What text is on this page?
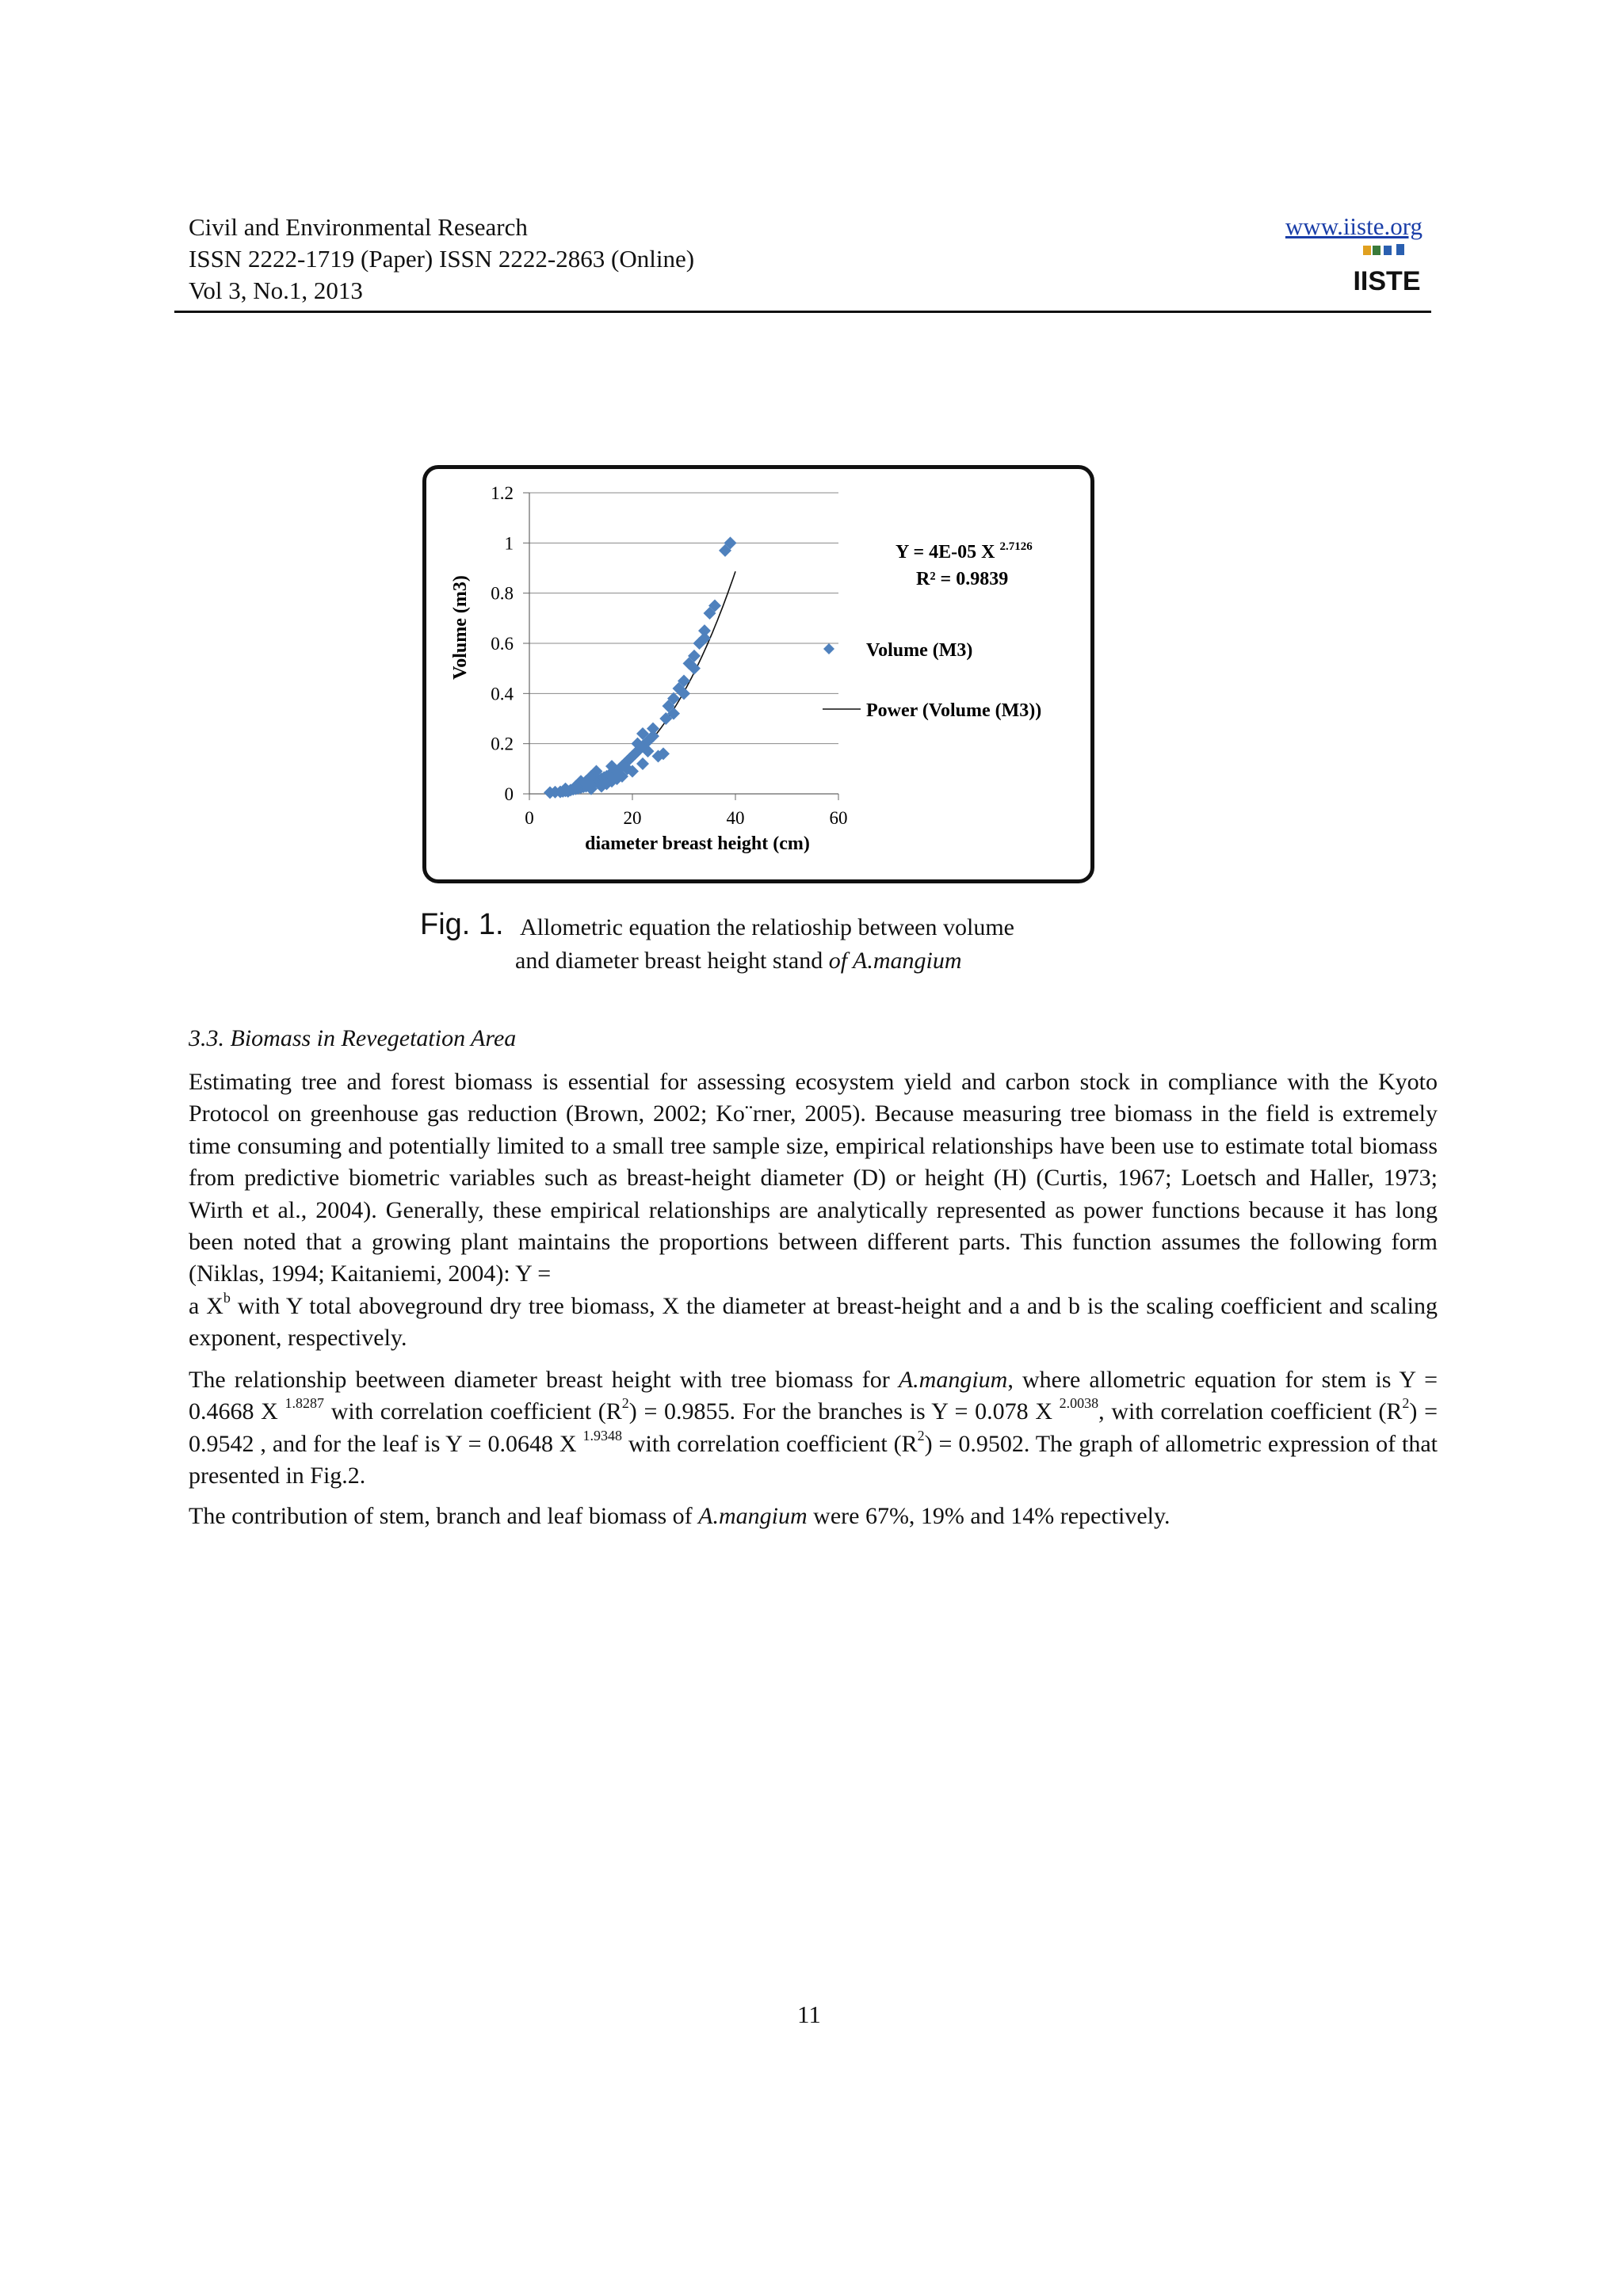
Civil and Environmental Research
ISSN 2222-1719 (Paper) ISSN 2222-2863 (Online)
Vol 3, No.1, 2013
www.iiste.org
IISTE
0
0.2
0.4
0.6
0.8
1
1.2
0	20	40	60
Volume (m3)
diameter breast height (cm)
Y = 4E-05 X $^{2.7126}$
R² = 0.9839
Volume (M3)
Power (Volume (M3))
Fig. 1. Allometric equation the relatioship between volume
and diameter breast height stand of A.mangium
3.3. Biomass in Revegetation Area

Estimating tree and forest biomass is essential for assessing ecosystem yield and carbon stock in compliance with the Kyoto Protocol on greenhouse gas reduction (Brown, 2002; Ko¨rner, 2005). Because measuring tree biomass in the field is extremely time consuming and potentially limited to a small tree sample size, empirical relationships have been use to estimate total biomass from predictive biometric variables such as breast-height diameter (D) or height (H) (Curtis, 1967; Loetsch and Haller, 1973; Wirth et al., 2004). Generally, these empirical relationships are analytically represented as power functions because it has long been noted that a growing plant maintains the proportions between different parts. This function assumes the following form (Niklas, 1994; Kaitaniemi, 2004): Y =
a $X^b$ with Y total aboveground dry tree biomass, X the diameter at breast-height and a and b is the scaling coefficient and scaling exponent, respectively.

The relationship beetween diameter breast height with tree biomass for A.mangium, where allometric equation for stem is Y = 0.4668 X $^{1.8287}$ with correlation coefficient $(R^2) = 0.9855$. For the branches is Y = 0.078 X $^{2.0038}$, with correlation coefficient $(R^2) = 0.9542$ , and for the leaf is Y = 0.0648 X $^{1.9348}$ with correlation coefficient $(R^2) = 0.9502$. The graph of allometric expression of that presented in Fig.2.

The contribution of stem, branch and leaf biomass of A.mangium were 67%, 19% and 14% repectively.

11
